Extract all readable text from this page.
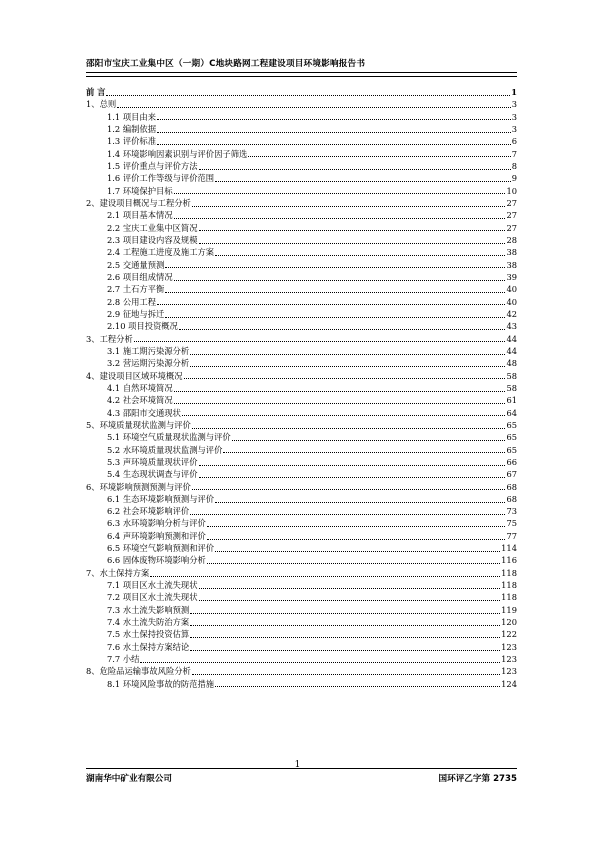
邵阳市宝庆工业集中区（一期）C地块路网工程建设项目环境影响报告书
前 言	1
1、总则	3
1.1 项目由来	3
1.2 编制依据	3
1.3 评价标准	6
1.4 环境影响因素识别与评价因子筛选	7
1.5 评价重点与评价方法	8
1.6 评价工作等级与评价范围	9
1.7 环境保护目标	10
2、建设项目概况与工程分析	27
2.1 项目基本情况	27
2.2 宝庆工业集中区简况	27
2.3 项目建设内容及规模	28
2.4 工程施工进度及施工方案	38
2.5 交通量预测	38
2.6 项目组成情况	39
2.7 土石方平衡	40
2.8 公用工程	40
2.9 征地与拆迁	42
2.10 项目投资概况	43
3、工程分析	44
3.1 施工期污染源分析	44
3.2 营运期污染源分析	48
4、建设项目区域环境概况	58
4.1 自然环境简况	58
4.2 社会环境简况	61
4.3 邵阳市交通现状	64
5、环境质量现状监测与评价	65
5.1 环境空气质量现状监测与评价	65
5.2 水环境质量现状监测与评价	65
5.3 声环境质量现状评价	66
5.4 生态现状调查与评价	67
6、环境影响预测预测与评价	68
6.1 生态环境影响预测与评价	68
6.2 社会环境影响评价	73
6.3 水环境影响分析与评价	75
6.4 声环境影响预测和评价	77
6.5 环境空气影响预测和评价	114
6.6 固体废物环境影响分析	116
7、水土保持方案	118
7.1 项目区水土流失现状	118
7.2 项目区水土流失现状	118
7.3 水土流失影响预测	119
7.4 水土流失防治方案	120
7.5 水土保持投资估算	122
7.6 水土保持方案结论	123
7.7 小结	123
8、危险品运输事故风险分析	123
8.1 环境风险事故的防范措施	124
1
湖南华中矿业有限公司	国环评乙字第 2735
